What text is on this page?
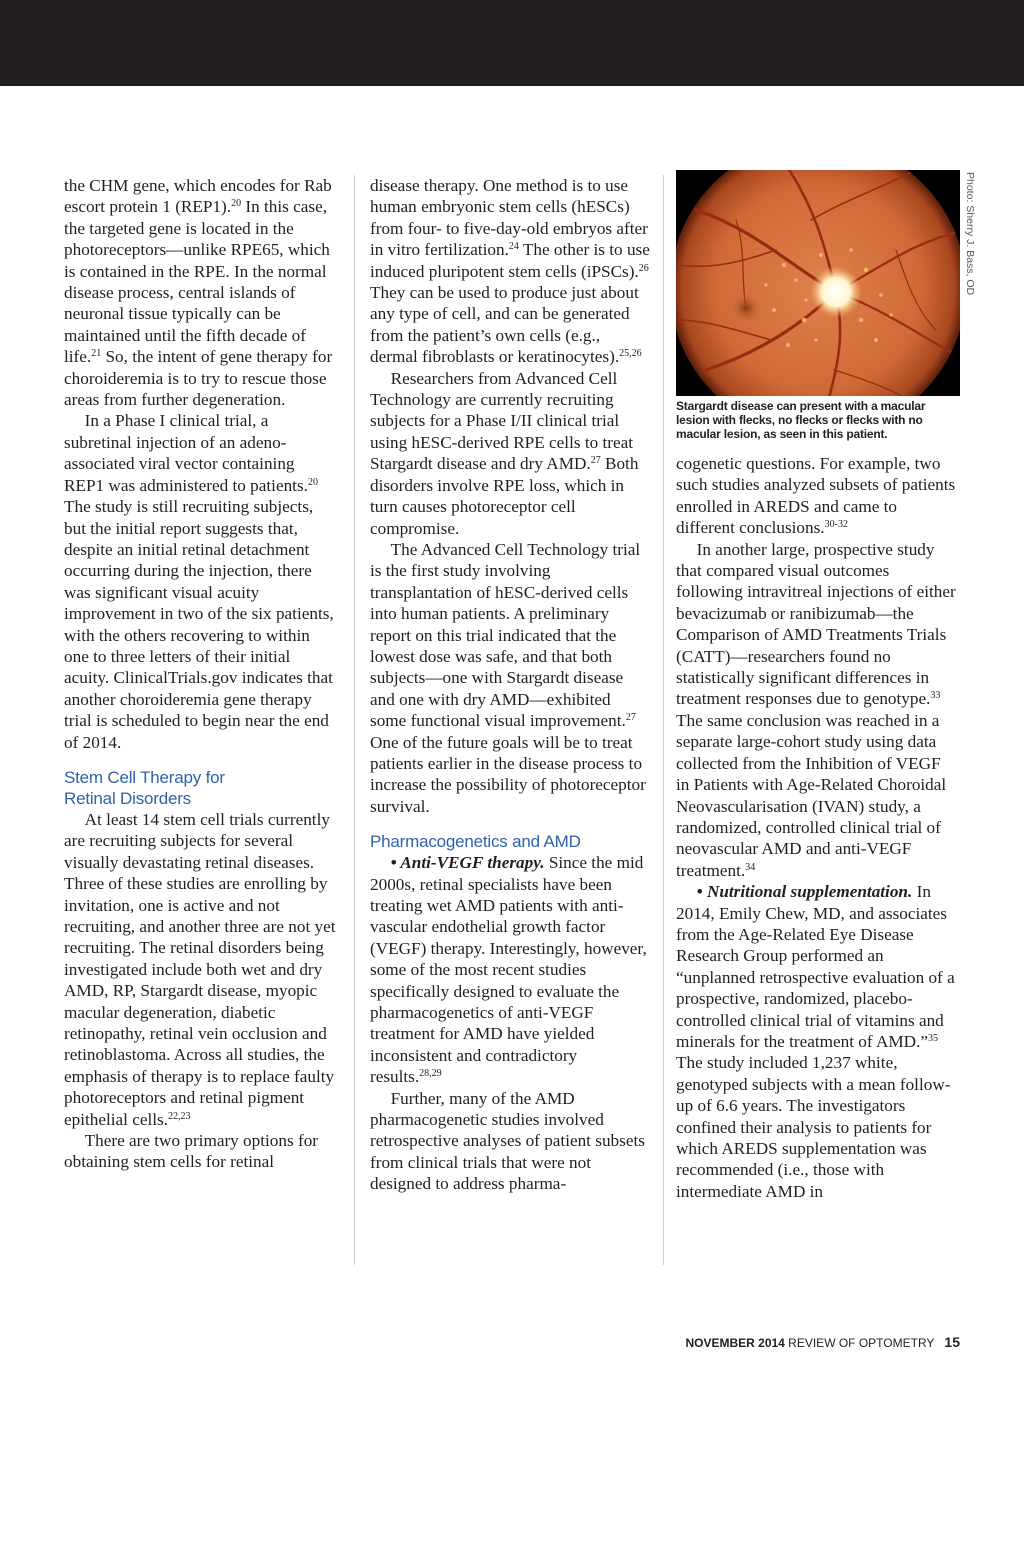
the CHM gene, which encodes for Rab escort protein 1 (REP1).$^{20}$ In this case, the targeted gene is located in the photoreceptors—unlike RPE65, which is contained in the RPE. In the normal disease process, central islands of neuronal tissue typically can be maintained until the fifth decade of life.$^{21}$ So, the intent of gene therapy for choroideremia is to try to rescue those areas from further degeneration.

In a Phase I clinical trial, a subretinal injection of an adeno-associated viral vector containing REP1 was administered to patients.$^{20}$ The study is still recruiting subjects, but the initial report suggests that, despite an initial retinal detachment occurring during the injection, there was significant visual acuity improvement in two of the six patients, with the others recovering to within one to three letters of their initial acuity. ClinicalTrials.gov indicates that another choroideremia gene therapy trial is scheduled to begin near the end of 2014.

Stem Cell Therapy for
Retinal Disorders

At least 14 stem cell trials currently are recruiting subjects for several visually devastating retinal diseases. Three of these studies are enrolling by invitation, one is active and not recruiting, and another three are not yet recruiting. The retinal disorders being investigated include both wet and dry AMD, RP, Stargardt disease, myopic macular degeneration, diabetic retinopathy, retinal vein occlusion and retinoblastoma. Across all studies, the emphasis of therapy is to replace faulty photoreceptors and retinal pigment epithelial cells.$^{22,23}$

There are two primary options for obtaining stem cells for retinal

disease therapy. One method is to use human embryonic stem cells (hESCs) from four- to five-day-old embryos after in vitro fertilization.$^{24}$ The other is to use induced pluripotent stem cells (iPSCs).$^{26}$ They can be used to produce just about any type of cell, and can be generated from the patient’s own cells (e.g., dermal fibroblasts or keratinocytes).$^{25,26}$

Researchers from Advanced Cell Technology are currently recruiting subjects for a Phase I/II clinical trial using hESC-derived RPE cells to treat Stargardt disease and dry AMD.$^{27}$ Both disorders involve RPE loss, which in turn causes photoreceptor cell compromise.

The Advanced Cell Technology trial is the first study involving transplantation of hESC-derived cells into human patients. A preliminary report on this trial indicated that the lowest dose was safe, and that both subjects—one with Stargardt disease and one with dry AMD—exhibited some functional visual improvement.$^{27}$ One of the future goals will be to treat patients earlier in the disease process to increase the possibility of photoreceptor survival.

Pharmacogenetics and AMD

• Anti-VEGF therapy. Since the mid 2000s, retinal specialists have been treating wet AMD patients with anti-vascular endothelial growth factor (VEGF) therapy. Interestingly, however, some of the most recent studies specifically designed to evaluate the pharmacogenetics of anti-VEGF treatment for AMD have yielded inconsistent and contradictory results.$^{28,29}$

Further, many of the AMD pharmacogenetic studies involved retrospective analyses of patient subsets from clinical trials that were not designed to address pharma-

Photo: Sherry J. Bass, OD
Stargardt disease can present with a macular lesion with flecks, no flecks or flecks with no macular lesion, as seen in this patient.

cogenetic questions. For example, two such studies analyzed subsets of patients enrolled in AREDS and came to different conclusions.$^{30-32}$

In another large, prospective study that compared visual outcomes following intravitreal injections of either bevacizumab or ranibizumab—the Comparison of AMD Treatments Trials (CATT)—researchers found no statistically significant differences in treatment responses due to genotype.$^{33}$ The same conclusion was reached in a separate large-cohort study using data collected from the Inhibition of VEGF in Patients with Age-Related Choroidal Neovascularisation (IVAN) study, a randomized, controlled clinical trial of neovascular AMD and anti-VEGF treatment.$^{34}$

• Nutritional supplementation. In 2014, Emily Chew, MD, and associates from the Age-Related Eye Disease Research Group performed an “unplanned retrospective evaluation of a prospective, randomized, placebo-controlled clinical trial of vitamins and minerals for the treatment of AMD.”$^{35}$ The study included 1,237 white, genotyped subjects with a mean follow-up of 6.6 years. The investigators confined their analysis to patients for which AREDS supplementation was recommended (i.e., those with intermediate AMD in

NOVEMBER 2014 REVIEW OF OPTOMETRY 15
